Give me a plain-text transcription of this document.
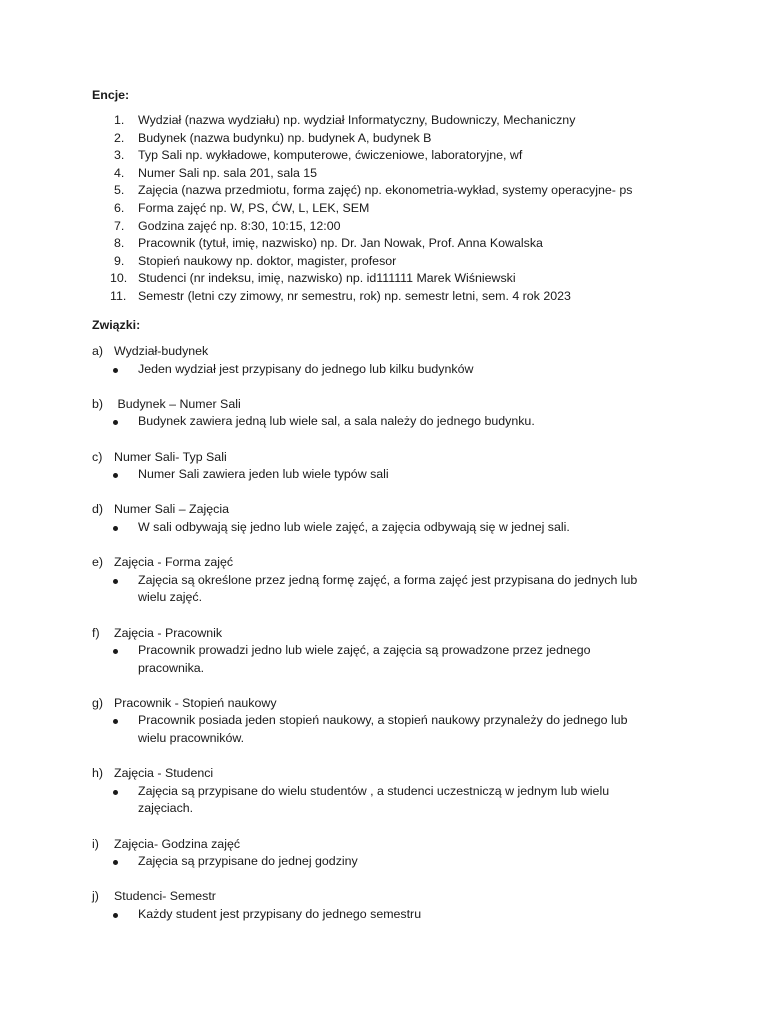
Encje:
1. Wydział (nazwa wydziału) np. wydział Informatyczny, Budowniczy, Mechaniczny
2. Budynek (nazwa budynku) np. budynek A, budynek B
3. Typ Sali np. wykładowe, komputerowe, ćwiczeniowe, laboratoryjne, wf
4. Numer Sali np. sala 201, sala 15
5. Zajęcia (nazwa przedmiotu, forma zajęć) np. ekonometria-wykład, systemy operacyjne- ps
6. Forma zajęć np. W, PS, ĆW, L, LEK, SEM
7. Godzina zajęć np. 8:30, 10:15, 12:00
8. Pracownik (tytuł, imię, nazwisko) np. Dr. Jan Nowak, Prof. Anna Kowalska
9. Stopień naukowy np. doktor, magister, profesor
10. Studenci (nr indeksu, imię, nazwisko) np. id111111 Marek Wiśniewski
11. Semestr (letni czy zimowy, nr semestru, rok) np. semestr letni, sem. 4 rok 2023
Związki:
a) Wydział-budynek
Jeden wydział jest przypisany do jednego lub kilku budynków
b) Budynek – Numer Sali
Budynek zawiera jedną lub wiele sal, a sala należy do jednego budynku.
c) Numer Sali- Typ Sali
Numer Sali zawiera jeden lub wiele typów sali
d) Numer Sali – Zajęcia
W sali odbywają się jedno lub wiele zajęć, a zajęcia odbywają się w jednej sali.
e) Zajęcia - Forma zajęć
Zajęcia są określone przez jedną formę zajęć, a forma zajęć jest przypisana do jednych lub wielu zajęć.
f) Zajęcia - Pracownik
Pracownik prowadzi jedno lub wiele zajęć, a zajęcia są prowadzone przez jednego pracownika.
g) Pracownik - Stopień naukowy
Pracownik posiada jeden stopień naukowy, a stopień naukowy przynależy do jednego lub wielu pracowników.
h) Zajęcia - Studenci
Zajęcia są przypisane do wielu studentów , a studenci uczestniczą w jednym lub wielu zajęciach.
i) Zajęcia- Godzina zajęć
Zajęcia są przypisane do jednej godziny
j) Studenci- Semestr
Każdy student jest przypisany do jednego semestru
